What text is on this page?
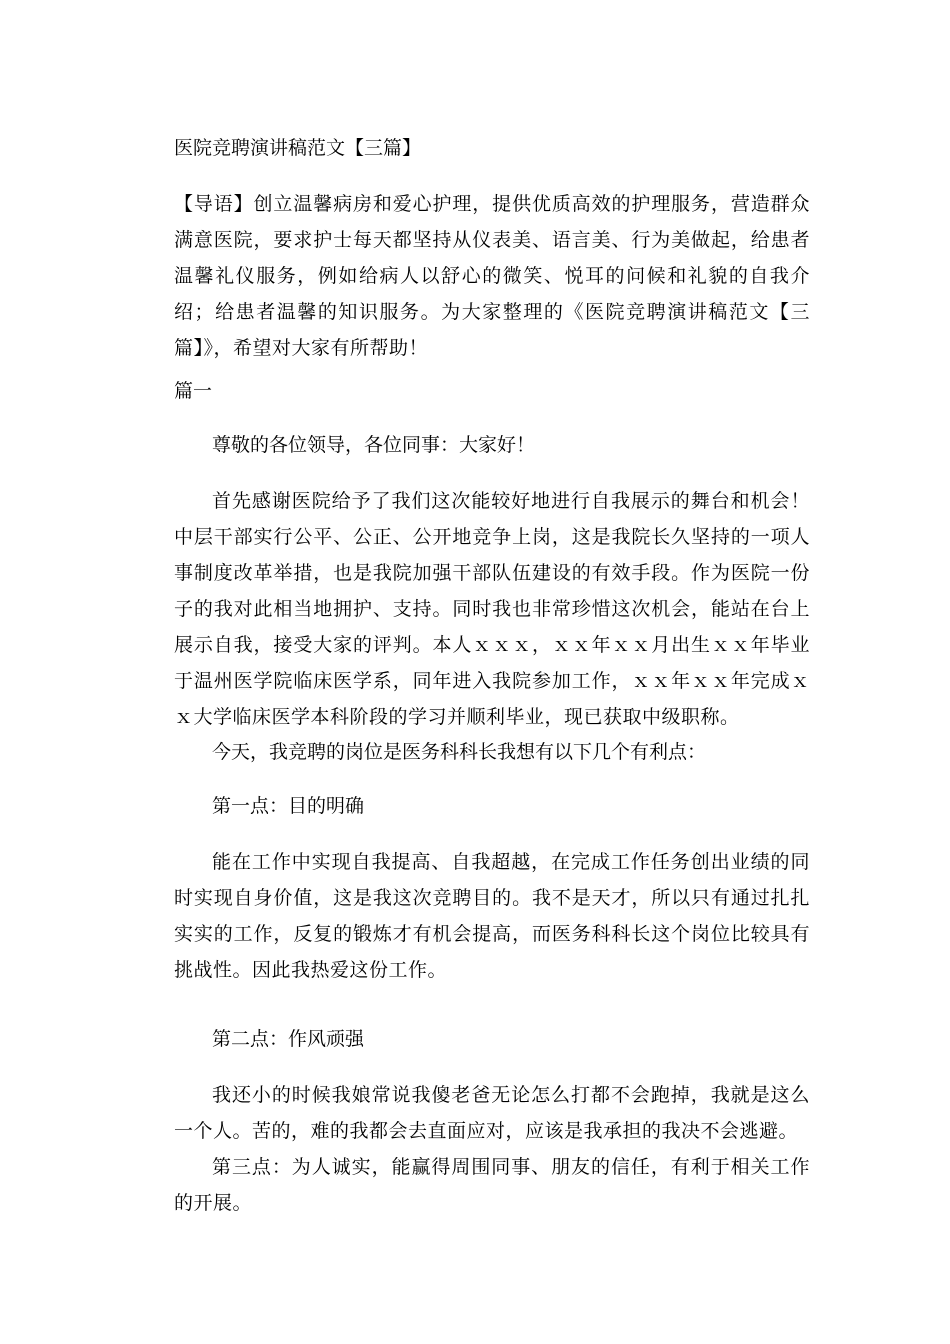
医院竞聘演讲稿范文【三篇】
【导语】创立温馨病房和爱心护理，提供优质高效的护理服务，营造群众满意医院，要求护士每天都坚持从仪表美、语言美、行为美做起，给患者温馨礼仪服务，例如给病人以舒心的微笑、悦耳的问候和礼貌的自我介绍；给患者温馨的知识服务。为大家整理的《医院竞聘演讲稿范文【三篇】》，希望对大家有所帮助！
篇一
尊敬的各位领导，各位同事：大家好！
首先感谢医院给予了我们这次能较好地进行自我展示的舞台和机会！中层干部实行公平、公正、公开地竞争上岗，这是我院长久坚持的一项人事制度改革举措，也是我院加强干部队伍建设的有效手段。作为医院一份子的我对此相当地拥护、支持。同时我也非常珍惜这次机会，能站在台上展示自我，接受大家的评判。本人ｘｘｘ，ｘｘ年ｘｘ月出生ｘｘ年毕业于温州医学院临床医学系，同年进入我院参加工作，ｘｘ年ｘｘ年完成ｘｘ大学临床医学本科阶段的学习并顺利毕业，现已获取中级职称。
今天，我竞聘的岗位是医务科科长我想有以下几个有利点：
第一点：目的明确
能在工作中实现自我提高、自我超越，在完成工作任务创出业绩的同时实现自身价值，这是我这次竞聘目的。我不是天才，所以只有通过扎扎实实的工作，反复的锻炼才有机会提高，而医务科科长这个岗位比较具有挑战性。因此我热爱这份工作。
第二点：作风顽强
我还小的时候我娘常说我傻老爸无论怎么打都不会跑掉，我就是这么一个人。苦的，难的我都会去直面应对，应该是我承担的我决不会逃避。
第三点：为人诚实，能赢得周围同事、朋友的信任，有利于相关工作的开展。
